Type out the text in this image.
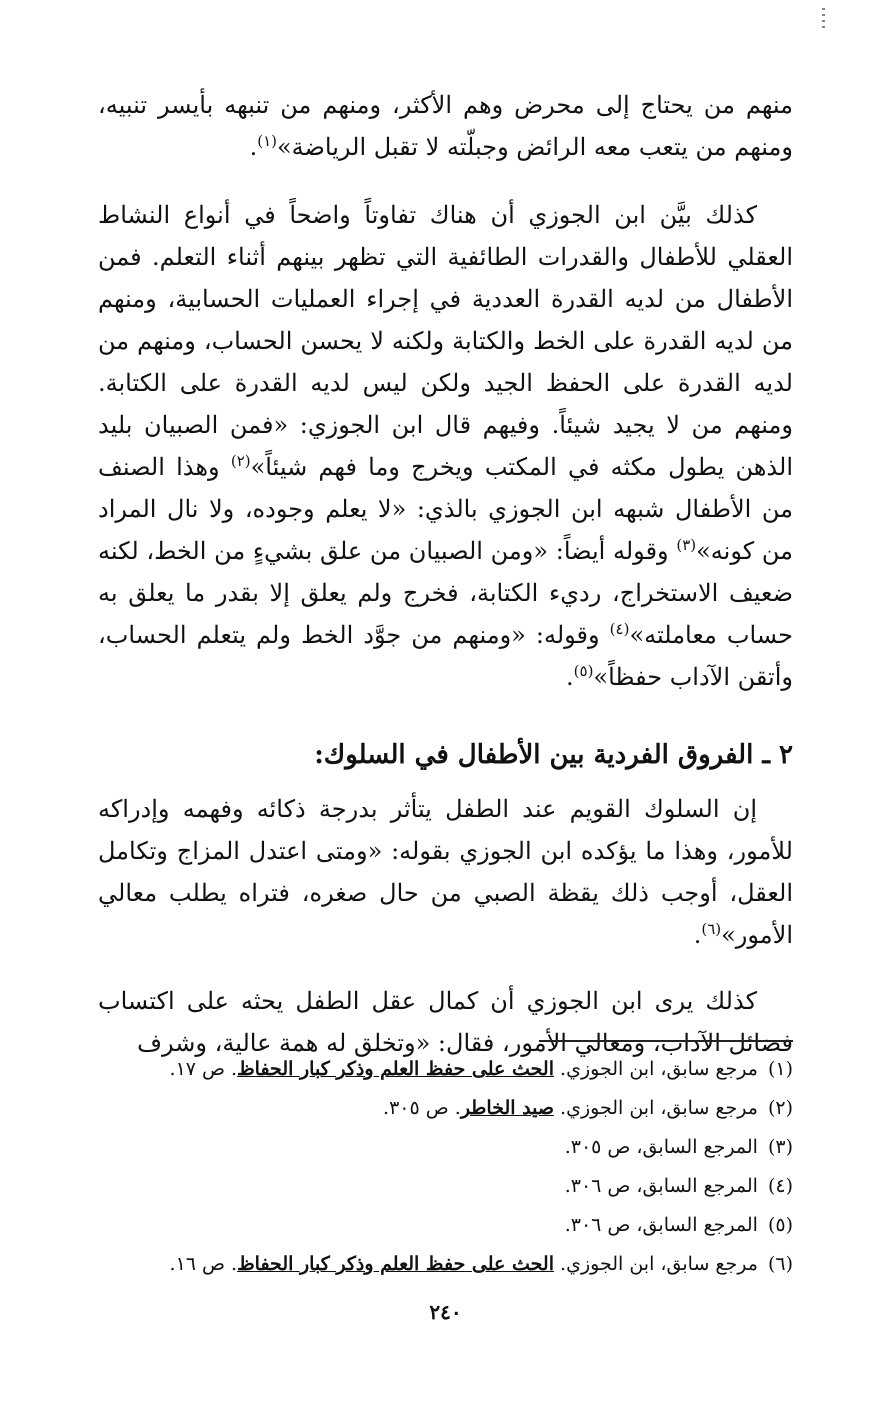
منهم من يحتاج إلى محرض وهم الأكثر، ومنهم من تنبهه بأيسر تنبيه، ومنهم من يتعب معه الرائض وجبلّته لا تقبل الرياضة»$^{(١)}$.

كذلك بيَّن ابن الجوزي أن هناك تفاوتاً واضحاً في أنواع النشاط العقلي للأطفال والقدرات الطائفية التي تظهر بينهم أثناء التعلم. فمن الأطفال من لديه القدرة العددية في إجراء العمليات الحسابية، ومنهم من لديه القدرة على الخط والكتابة ولكنه لا يحسن الحساب، ومنهم من لديه القدرة على الحفظ الجيد ولكن ليس لديه القدرة على الكتابة. ومنهم من لا يجيد شيئاً. وفيهم قال ابن الجوزي: «فمن الصبيان بليد الذهن يطول مكثه في المكتب ويخرج وما فهم شيئاً»$^{(٢)}$ وهذا الصنف من الأطفال شبهه ابن الجوزي بالذي: «لا يعلم وجوده، ولا نال المراد من كونه»$^{(٣)}$ وقوله أيضاً: «ومن الصبيان من علق بشيءٍ من الخط، لكنه ضعيف الاستخراج، رديء الكتابة، فخرج ولم يعلق إلا بقدر ما يعلق به حساب معاملته»$^{(٤)}$ وقوله: «ومنهم من جوَّد الخط ولم يتعلم الحساب، وأتقن الآداب حفظاً»$^{(٥)}$.

٢ ـ الفروق الفردية بين الأطفال في السلوك:

إن السلوك القويم عند الطفل يتأثر بدرجة ذكائه وفهمه وإدراكه للأمور، وهذا ما يؤكده ابن الجوزي بقوله: «ومتى اعتدل المزاج وتكامل العقل، أوجب ذلك يقظة الصبي من حال صغره، فتراه يطلب معالي الأمور»$^{(٦)}$.

كذلك يرى ابن الجوزي أن كمال عقل الطفل يحثه على اكتساب فضائل الآداب، ومعالي الأمور، فقال: «وتخلق له همة عالية، وشرف

(١)مرجع سابق، ابن الجوزي. الحث على حفظ العلم وذكر كبار الحفاظ. ص ١٧.
(٢)مرجع سابق، ابن الجوزي. صيد الخاطر. ص ٣٠٥.
(٣)المرجع السابق، ص ٣٠٥.
(٤)المرجع السابق، ص ٣٠٦.
(٥)المرجع السابق، ص ٣٠٦.
(٦)مرجع سابق، ابن الجوزي. الحث على حفظ العلم وذكر كبار الحفاظ. ص ١٦.
٢٤٠
